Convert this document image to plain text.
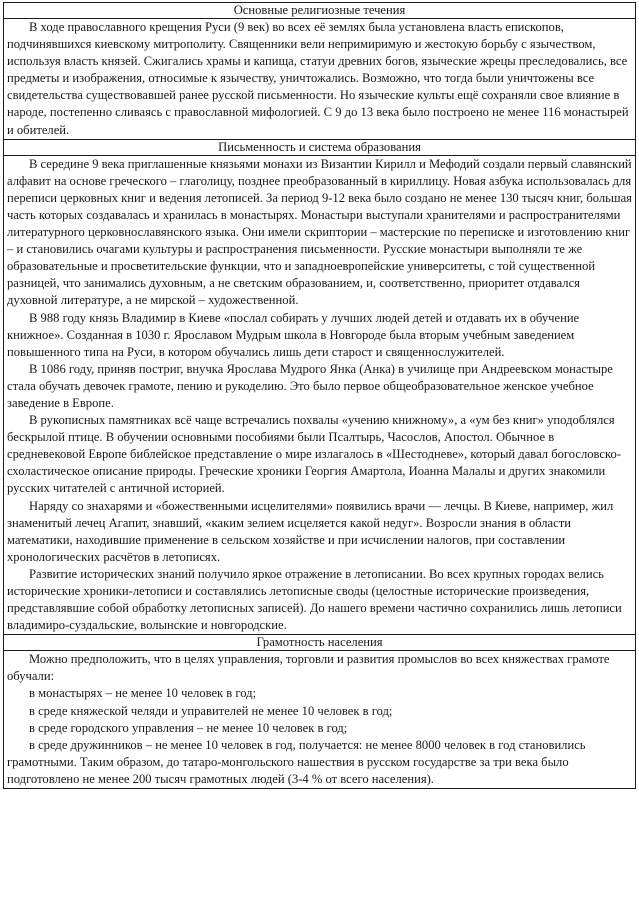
Основные религиозные течения

В ходе православного крещения Руси (9 век) во всех её землях была установлена власть епископов, подчинявшихся киевскому митрополиту. Священники вели непримиримую и жестокую борьбу с язычеством, используя власть князей. Сжигались храмы и капища, статуи древних богов, языческие жрецы преследовались, все предметы и изображения, относимые к язычеству, уничтожались. Возможно, что тогда были уничтожены все свидетельства существовавшей ранее русской письменности. Но языческие культы ещё сохраняли свое влияние в народе, постепенно сливаясь с православной мифологией. С 9 до 13 века было построено не менее 116 монастырей и обителей.

Письменность и система образования

В середине 9 века приглашенные князьями монахи из Византии Кирилл и Мефодий создали первый славянский алфавит на основе греческого – глаголицу, позднее преобразованный в кириллицу. Новая азбука использовалась для переписи церковных книг и ведения летописей. За период 9-12 века было создано не менее 130 тысяч книг, большая часть которых создавалась и хранилась в монастырях. Монастыри выступали хранителями и распространителями литературного церковнославянского языка. Они имели скриптории – мастерские по переписке и изготовлению книг – и становились очагами культуры и распространения письменности. Русские монастыри выполняли те же образовательные и просветительские функции, что и западноевропейские университеты, с той существенной разницей, что занимались духовным, а не светским образованием, и, соответственно, приоритет отдавался духовной литературе, а не мирской – художественной.

В 988 году князь Владимир в Киеве «послал собирать у лучших людей детей и отдавать их в обучение книжное». Созданная в 1030 г. Ярославом Мудрым школа в Новгороде была вторым учебным заведением повышенного типа на Руси, в котором обучались лишь дети старост и священнослужителей.

В 1086 году, приняв постриг, внучка Ярослава Мудрого Янка (Анка) в училище при Андреевском монастыре стала обучать девочек грамоте, пению и рукоделию. Это было первое общеобразовательное женское учебное заведение в Европе.

В рукописных памятниках всё чаще встречались похвалы «учению книжному», а «ум без книг» уподоблялся бескрылой птице. В обучении основными пособиями были Псалтырь, Часослов, Апостол. Обычное в средневековой Европе библейское представление о мире излагалось в «Шестодневе», который давал богословско-схоластическое описание природы. Греческие хроники Георгия Амартола, Иоанна Малалы и других знакомили русских читателей с античной историей.

Наряду со знахарями и «божественными исцелителями» появились врачи — лечцы. В Киеве, например, жил знаменитый лечец Агапит, знавший, «каким зелием исцеляется какой недуг». Возросли знания в области математики, находившие применение в сельском хозяйстве и при исчислении налогов, при составлении хронологических расчётов в летописях.

Развитие исторических знаний получило яркое отражение в летописании. Во всех крупных городах велись исторические хроники-летописи и составлялись летописные своды (целостные исторические произведения, представлявшие собой обработку летописных записей). До нашего времени частично сохранились лишь летописи владимиро-суздальские, волынские и новгородские.

Грамотность населения

Можно предположить, что в целях управления, торговли и развития промыслов во всех княжествах грамоте обучали:

в монастырях – не менее 10 человек в год;

в среде княжеской челяди и управителей не менее 10 человек в год;

в среде городского управления – не менее 10 человек в год;

в среде дружинников – не менее 10 человек в год, получается: не менее 8000 человек в год становились грамотными. Таким образом, до татаро-монгольского нашествия в русском государстве за три века было подготовлено не менее 200 тысяч грамотных людей (3-4 % от всего населения).
